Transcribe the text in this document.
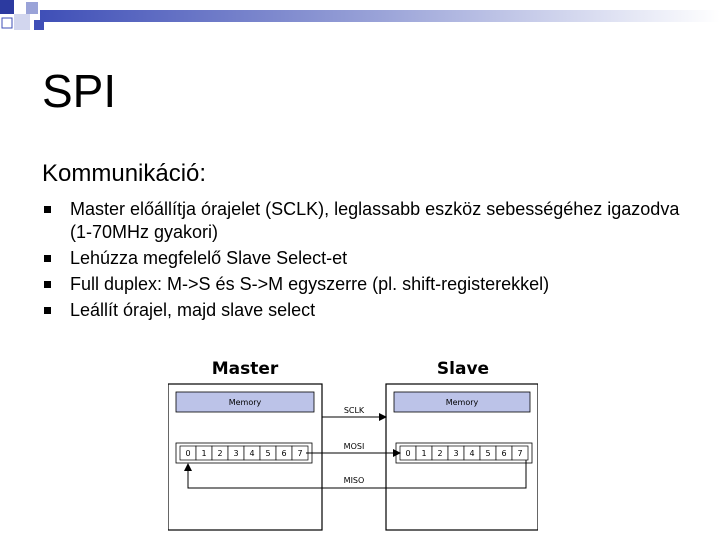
SPI
Kommunikáció:
Master előállítja órajelet (SCLK), leglassabb eszköz sebességéhez igazodva (1-70MHz gyakori)
Lehúzza megfelelő Slave Select-et
Full duplex: M->S és S->M egyszerre (pl. shift-registerekkel)
Leállít órajel, majd slave select
Master	Slave
Memory
0 1 2 3 4 5 6 7
Memory
0 1 2 3 4 5 6 7
SCLK
MOSI
MISO
